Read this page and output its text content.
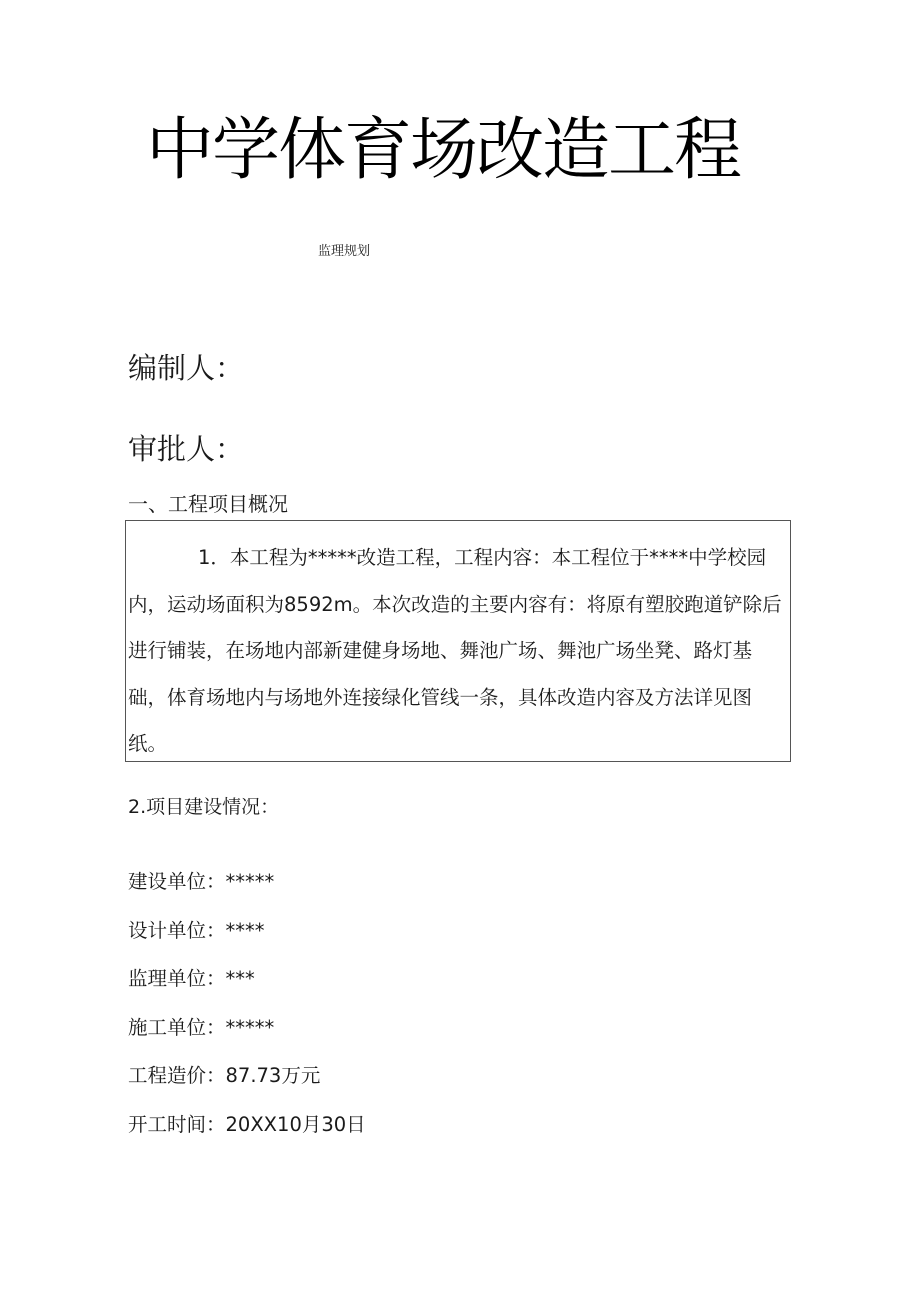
中学体育场改造工程
监理规划
编制人：
审批人：
一、工程项目概况

1．本工程为*****改造工程，工程内容：本工程位于****中学校园内，运动场面积为8592m。本次改造的主要内容有：将原有塑胶跑道铲除后进行铺装，在场地内部新建健身场地、舞池广场、舞池广场坐凳、路灯基础，体育场地内与场地外连接绿化管线一条，具体改造内容及方法详见图纸。

2.项目建设情况：
建设单位：*****
设计单位：****
监理单位：***
施工单位：*****
工程造价：87.73万元
开工时间：20XX10月30日
